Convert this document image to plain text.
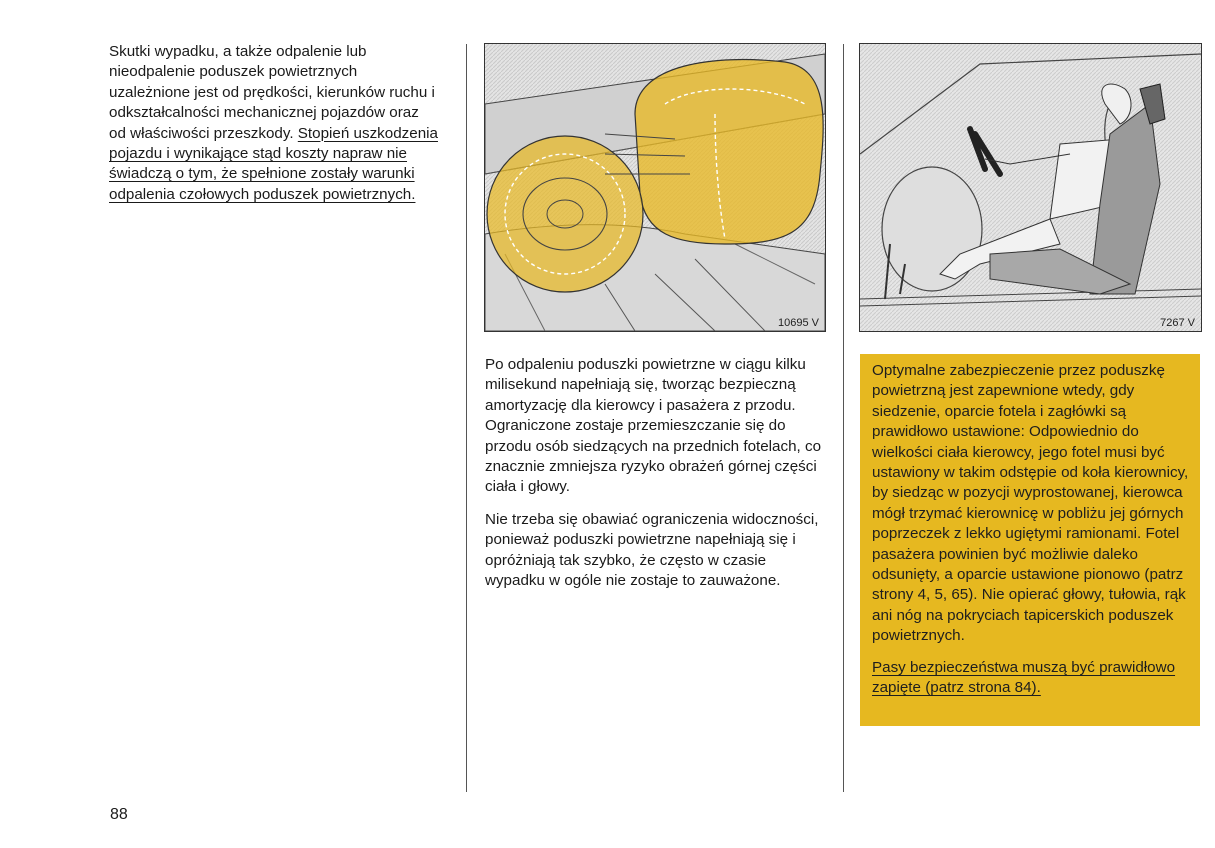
Skutki wypadku, a także odpalenie lub nieodpalenie poduszek powietrznych uzależnione jest od prędkości, kierunków ruchu i odkształcalności mechanicznej pojazdów oraz od właściwości przeszkody. Stopień uszkodzenia pojazdu i wynikające stąd koszty napraw nie świadczą o tym, że spełnione zostały warunki odpalenia czołowych poduszek powietrznych.

10695 V	7267 V

Po odpaleniu poduszki powietrzne w ciągu kilku milisekund napełniają się, tworząc bezpieczną amortyzację dla kierowcy i pasażera z przodu. Ograniczone zostaje przemieszczanie się do przodu osób siedzących na przednich fotelach, co znacznie zmniejsza ryzyko obrażeń górnej części ciała i głowy.

Nie trzeba się obawiać ograniczenia widoczności, ponieważ poduszki powietrzne napełniają się i opróżniają tak szybko, że często w czasie wypadku w ogóle nie zostaje to zauważone.

Optymalne zabezpieczenie przez poduszkę powietrzną jest zapewnione wtedy, gdy siedzenie, oparcie fotela i zagłówki są prawidłowo ustawione: Odpowiednio do wielkości ciała kierowcy, jego fotel musi być ustawiony w takim odstępie od koła kierownicy, by siedząc w pozycji wyprostowanej, kierowca mógł trzymać kierownicę w pobliżu jej górnych poprzeczek z lekko ugiętymi ramionami. Fotel pasażera powinien być możliwie daleko odsunięty, a oparcie ustawione pionowo (patrz strony 4, 5, 65). Nie opierać głowy, tułowia, rąk ani nóg na pokryciach tapicerskich poduszek powietrznych.

Pasy bezpieczeństwa muszą być prawidłowo zapięte (patrz strona 84).

88
